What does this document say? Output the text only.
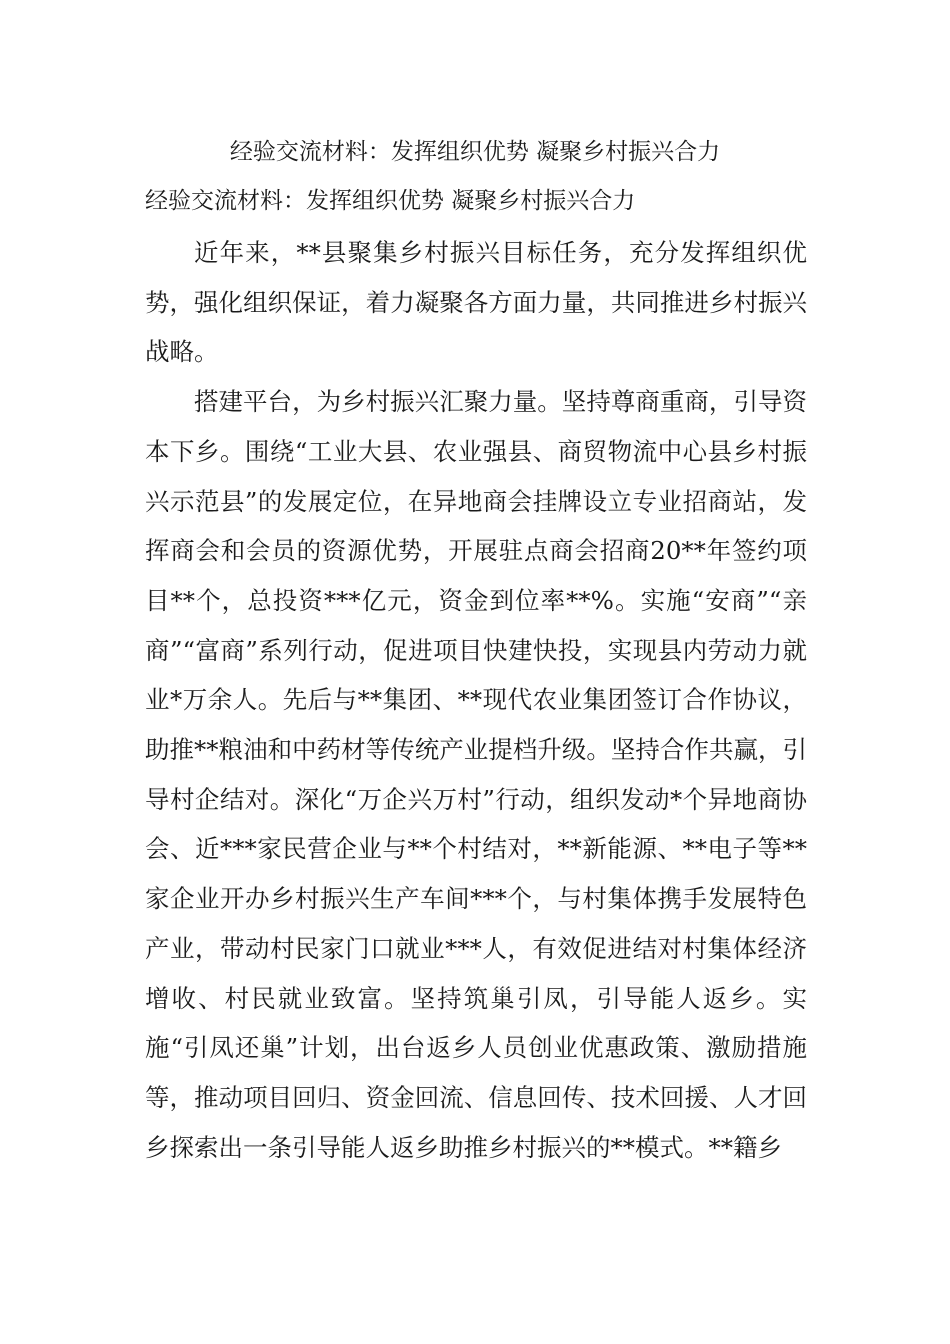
经验交流材料：发挥组织优势 凝聚乡村振兴合力
经验交流材料：发挥组织优势 凝聚乡村振兴合力

近年来，**县聚集乡村振兴目标任务，充分发挥组织优势，强化组织保证，着力凝聚各方面力量，共同推进乡村振兴战略。

搭建平台，为乡村振兴汇聚力量。坚持尊商重商，引导资本下乡。围绕“工业大县、农业强县、商贸物流中心县乡村振兴示范县”的发展定位，在异地商会挂牌设立专业招商站，发挥商会和会员的资源优势，开展驻点商会招商20**年签约项目**个，总投资***亿元，资金到位率**%。实施“安商”“亲商”“富商”系列行动，促进项目快建快投，实现县内劳动力就业*万余人。先后与**集团、**现代农业集团签订合作协议，助推**粮油和中药材等传统产业提档升级。坚持合作共赢，引导村企结对。深化“万企兴万村”行动，组织发动*个异地商协会、近***家民营企业与**个村结对，**新能源、**电子等**家企业开办乡村振兴生产车间***个，与村集体携手发展特色产业，带动村民家门口就业***人，有效促进结对村集体经济增收、村民就业致富。坚持筑巢引凤，引导能人返乡。实施“引凤还巢”计划，出台返乡人员创业优惠政策、激励措施等，推动项目回归、资金回流、信息回传、技术回援、人才回乡探索出一条引导能人返乡助推乡村振兴的**模式。**籍乡
